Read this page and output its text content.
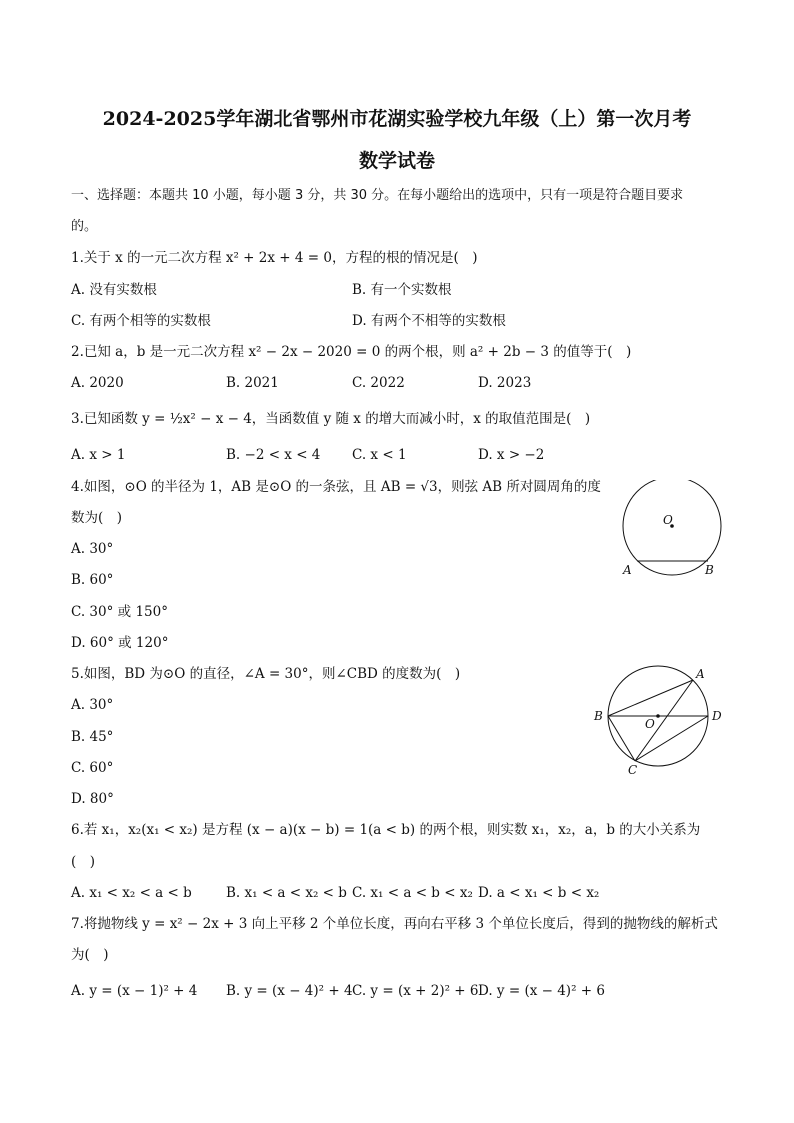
2024-2025学年湖北省鄂州市花湖实验学校九年级（上）第一次月考
数学试卷
一、选择题：本题共 10 小题，每小题 3 分，共 30 分。在每小题给出的选项中，只有一项是符合题目要求
的。
1.关于 x 的一元二次方程 x² + 2x + 4 = 0，方程的根的情况是(　)
A. 没有实数根	B. 有一个实数根
C. 有两个相等的实数根	D. 有两个不相等的实数根
2.已知 a，b 是一元二次方程 x² − 2x − 2020 = 0 的两个根，则 a² + 2b − 3 的值等于(　)
A. 2020	B. 2021	C. 2022	D. 2023
3.已知函数 y = ½x² − x − 4，当函数值 y 随 x 的增大而减小时，x 的取值范围是(　)
A. x > 1	B. −2 < x < 4 C. x < 1	D. x > −2
4.如图，⊙O 的半径为 1，AB 是⊙O 的一条弦，且 AB = √3，则弦 AB 所对圆周角的度
数为(　)
A. 30°
B. 60°
C. 30° 或 150°
D. 60° 或 120°
O
A	B
5.如图，BD 为⊙O 的直径，∠A = 30°，则∠CBD 的度数为(　)
A. 30°
B. 45°
C. 60°
D. 80°
A
B
C
D
O
6.若 x₁，x₂(x₁ < x₂) 是方程 (x − a)(x − b) = 1(a < b) 的两个根，则实数 x₁，x₂，a，b 的大小关系为
(　)
A. x₁ < x₂ < a < b	B. x₁ < a < x₂ < b C. x₁ < a < b < x₂ D. a < x₁ < b < x₂
7.将抛物线 y = x² − 2x + 3 向上平移 2 个单位长度，再向右平移 3 个单位长度后，得到的抛物线的解析式
为(　)
A. y = (x − 1)² + 4 B. y = (x − 4)² + 4 C. y = (x + 2)² + 6 D. y = (x − 4)² + 6
